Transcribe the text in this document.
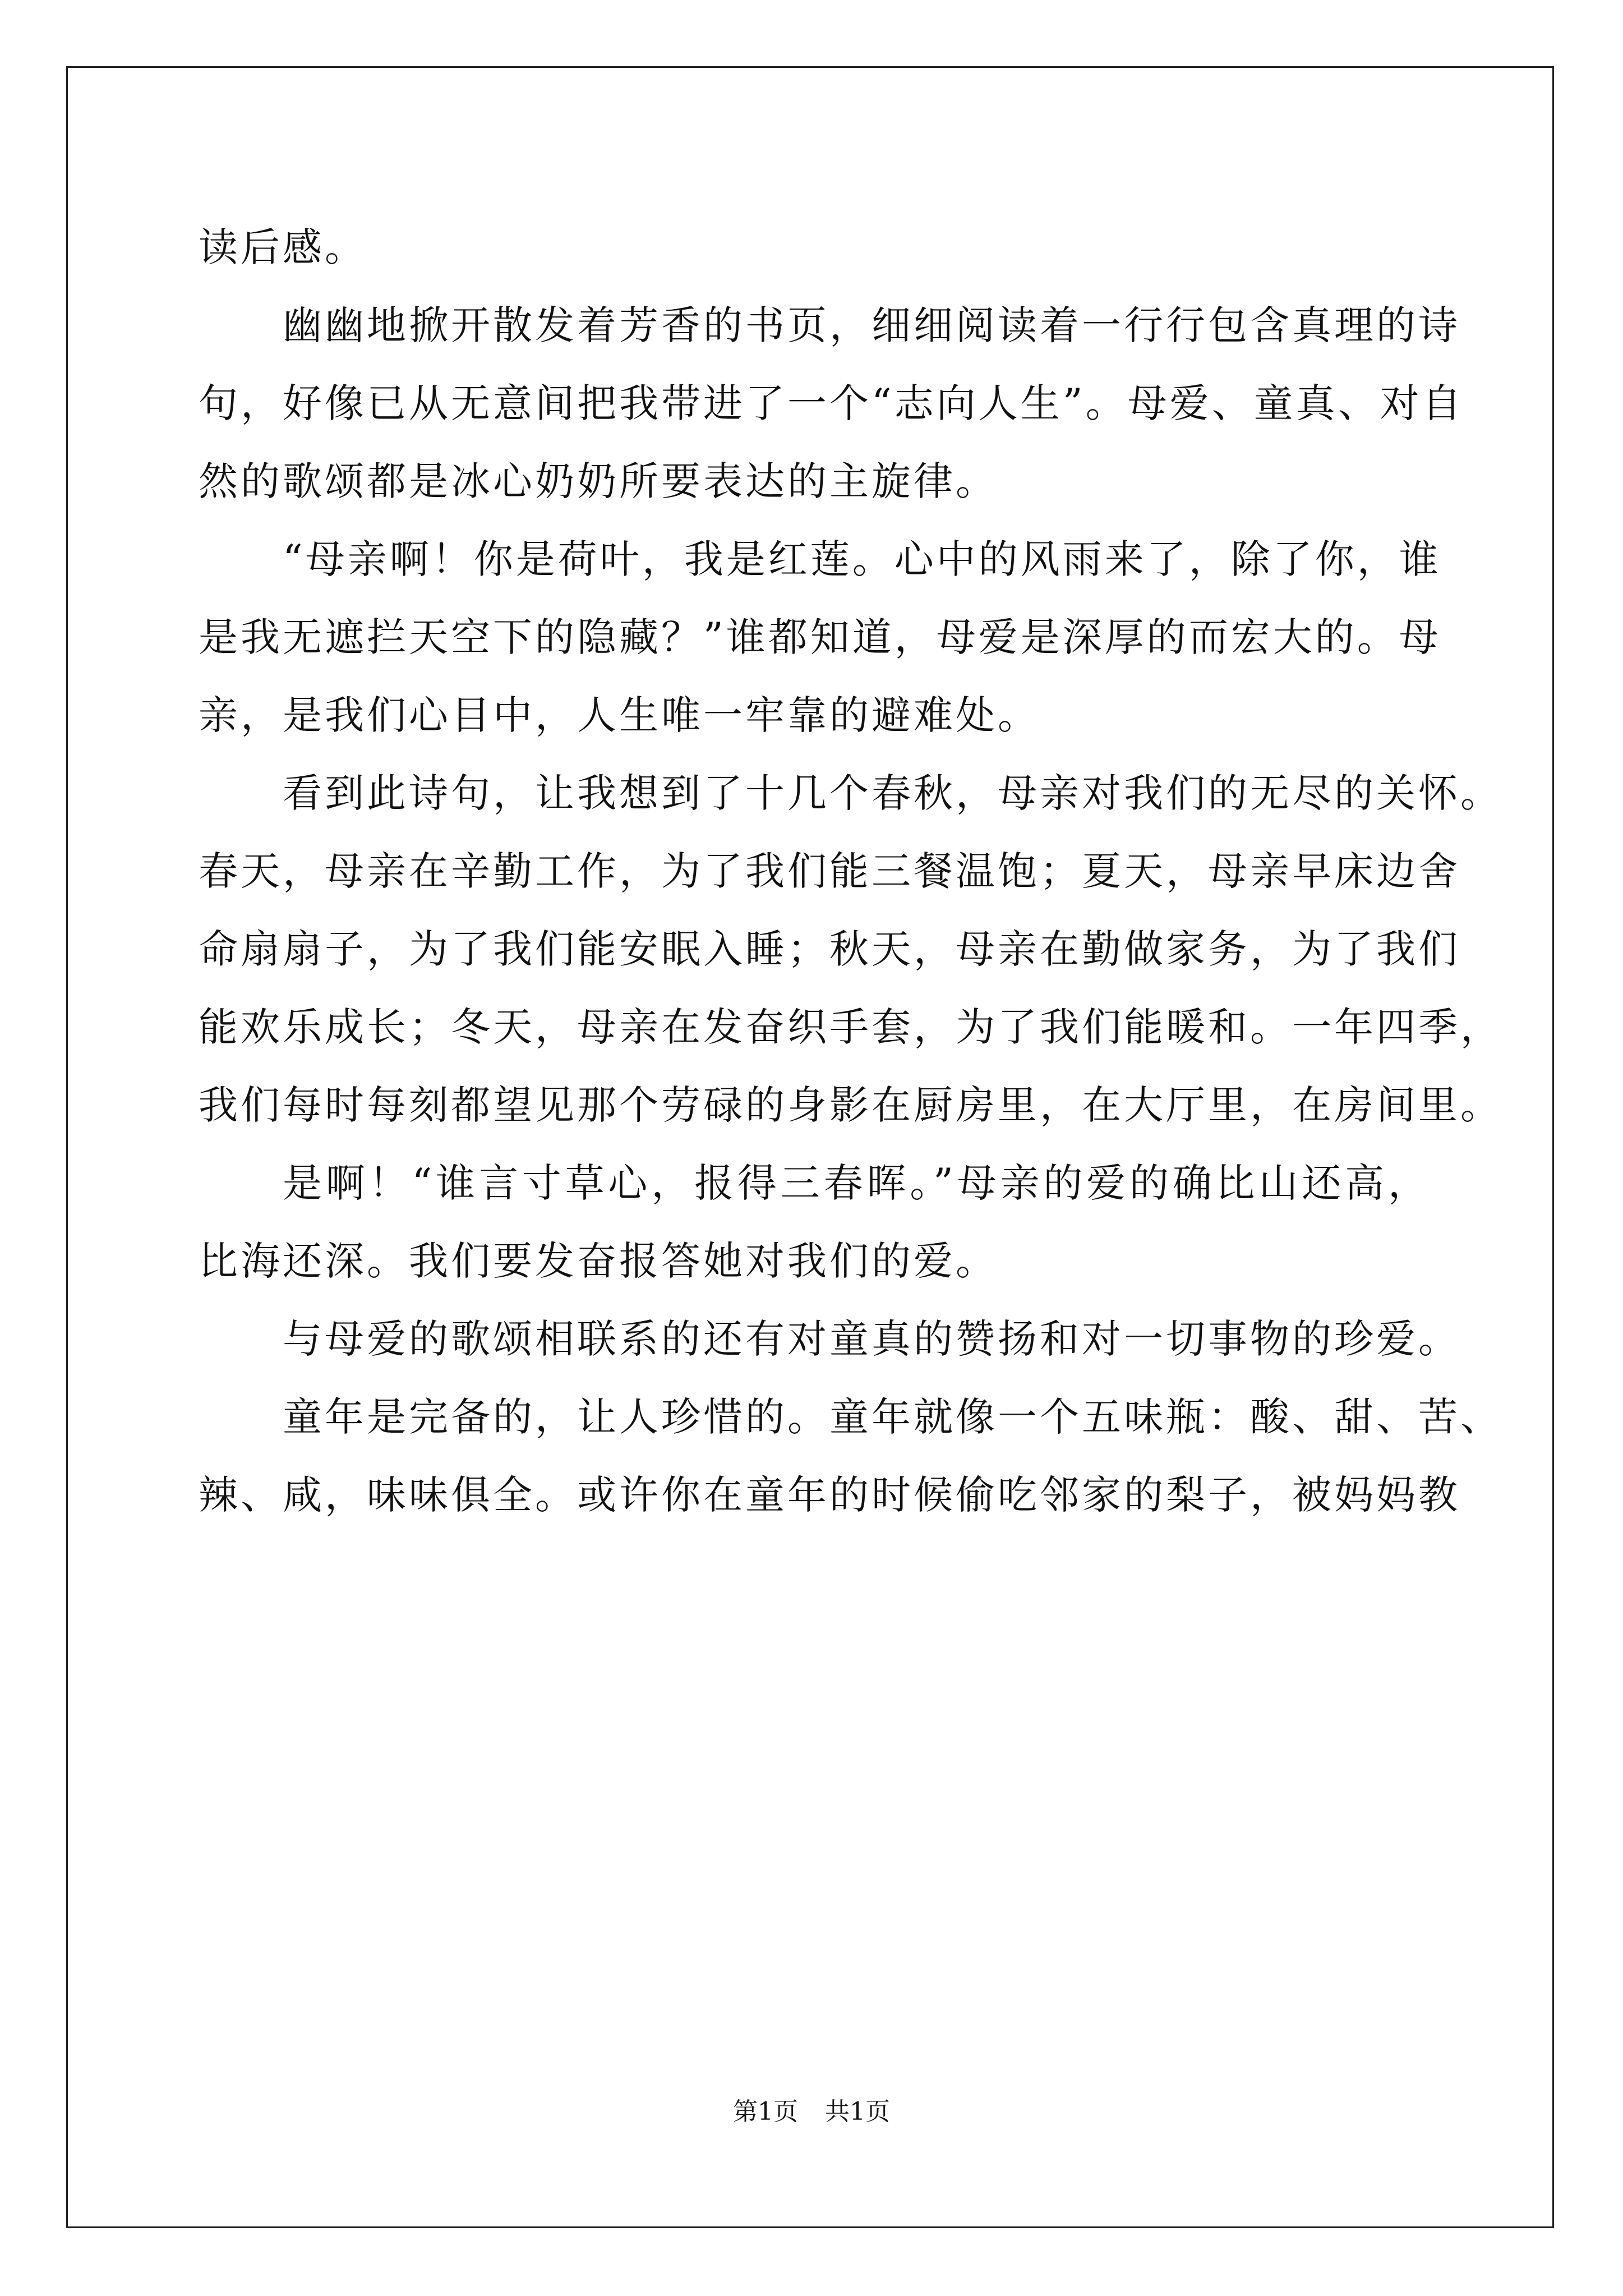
读后感。
幽幽地掀开散发着芳香的书页，细细阅读着一行行包含真理的诗
句，好像已从无意间把我带进了一个“志向人生”。母爱、童真、对自
然的歌颂都是冰心奶奶所要表达的主旋律。
“母亲啊！你是荷叶，我是红莲。心中的风雨来了，除了你，谁
是我无遮拦天空下的隐藏？”谁都知道，母爱是深厚的而宏大的。母
亲，是我们心目中，人生唯一牢靠的避难处。
看到此诗句，让我想到了十几个春秋，母亲对我们的无尽的关怀。
春天，母亲在辛勤工作，为了我们能三餐温饱；夏天，母亲早床边舍
命扇扇子，为了我们能安眠入睡；秋天，母亲在勤做家务，为了我们
能欢乐成长；冬天，母亲在发奋织手套，为了我们能暖和。一年四季，
我们每时每刻都望见那个劳碌的身影在厨房里，在大厅里，在房间里。
是啊！“谁言寸草心，报得三春晖。”母亲的爱的确比山还高，
比海还深。我们要发奋报答她对我们的爱。
与母爱的歌颂相联系的还有对童真的赞扬和对一切事物的珍爱。
童年是完备的，让人珍惜的。童年就像一个五味瓶：酸、甜、苦、
辣、咸，味味俱全。或许你在童年的时候偷吃邻家的梨子，被妈妈教
第1页 共1页
